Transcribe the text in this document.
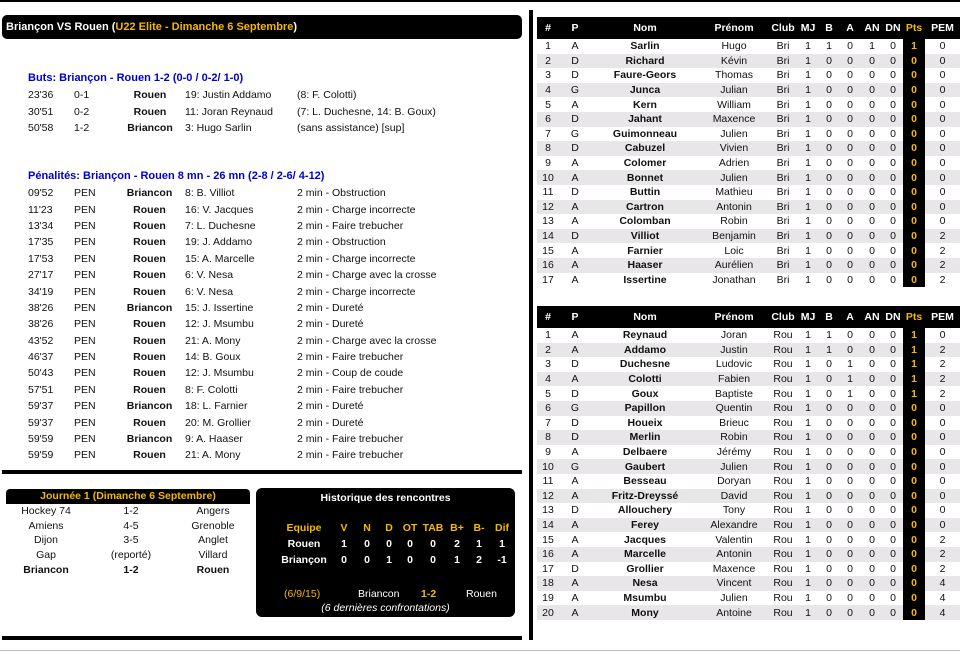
Briançon VS Rouen (U22 Elite - Dimanche 6 Septembre)
Buts: Briançon - Rouen 1-2 (0-0 / 0-2/ 1-0)
23'36	0-1	Rouen	19: Justin Addamo	(8: F. Colotti)
30'51	0-2	Rouen	11: Joran Reynaud	(7: L. Duchesne, 14: B. Goux)
50'58	1-2	Briancon	3: Hugo Sarlin	(sans assistance) [sup]
Pénalités: Briançon - Rouen 8 mn - 26 mn (2-8 / 2-6/ 4-12)
09'52	PEN	Briancon	8: B. Villiot	2 min - Obstruction
11'23	PEN	Rouen	16: V. Jacques	2 min - Charge incorrecte
13'34	PEN	Rouen	7: L. Duchesne	2 min - Faire trebucher
17'35	PEN	Rouen	19: J. Addamo	2 min - Obstruction
17'53	PEN	Rouen	15: A. Marcelle	2 min - Charge incorrecte
27'17	PEN	Rouen	6: V. Nesa	2 min - Charge avec la crosse
34'19	PEN	Rouen	6: V. Nesa	2 min - Charge incorrecte
38'26	PEN	Briancon	15: J. Issertine	2 min - Dureté
38'26	PEN	Rouen	12: J. Msumbu	2 min - Dureté
43'52	PEN	Rouen	21: A. Mony	2 min - Charge avec la crosse
46'37	PEN	Rouen	14: B. Goux	2 min - Faire trebucher
50'43	PEN	Rouen	12: J. Msumbu	2 min - Coup de coude
57'51	PEN	Rouen	8: F. Colotti	2 min - Faire trebucher
59'37	PEN	Briancon	18: L. Farnier	2 min - Dureté
59'37	PEN	Rouen	20: M. Grollier	2 min - Dureté
59'59	PEN	Briancon	9: A. Haaser	2 min - Faire trebucher
59'59	PEN	Rouen	21: A. Mony	2 min - Faire trebucher
Journée 1 (Dimanche 6 Septembre)
Hockey 74	1-2	Angers
Amiens	4-5	Grenoble
Dijon	3-5	Anglet
Gap	(reporté)	Villard
Briancon	1-2	Rouen
Historique des rencontres
Equipe	V	N	D	OT	TAB	B+	B-	Dif
Rouen	1	0	0	0	0	2	1	1
Briançon	0	0	1	0	0	1	2	-1
(6/9/15)	Briancon 1-2	Rouen
(6 dernières confrontations)
#	P	Nom	Prénom	Club	MJ	B	A	AN	DN	Pts	PEM
1	A	Sarlin	Hugo	Bri	1	1	0	1	0	1	0
2	D	Richard	Kévin	Bri	1	0	0	0	0	0	0
3	D	Faure-Geors	Thomas	Bri	1	0	0	0	0	0	0
4	G	Junca	Julian	Bri	1	0	0	0	0	0	0
5	A	Kern	William	Bri	1	0	0	0	0	0	0
6	D	Jahant	Maxence	Bri	1	0	0	0	0	0	0
7	G	Guimonneau	Julien	Bri	1	0	0	0	0	0	0
8	D	Cabuzel	Vivien	Bri	1	0	0	0	0	0	0
9	A	Colomer	Adrien	Bri	1	0	0	0	0	0	0
10	A	Bonnet	Julien	Bri	1	0	0	0	0	0	0
11	D	Buttin	Mathieu	Bri	1	0	0	0	0	0	0
12	A	Cartron	Antonin	Bri	1	0	0	0	0	0	0
13	A	Colomban	Robin	Bri	1	0	0	0	0	0	0
14	D	Villiot	Benjamin	Bri	1	0	0	0	0	0	2
15	A	Farnier	Loic	Bri	1	0	0	0	0	0	2
16	A	Haaser	Aurélien	Bri	1	0	0	0	0	0	2
17	A	Issertine	Jonathan	Bri	1	0	0	0	0	0	2
#	P	Nom	Prénom	Club	MJ	B	A	AN	DN	Pts	PEM
1	A	Reynaud	Joran	Rou	1	1	0	0	0	1	0
2	A	Addamo	Justin	Rou	1	1	0	0	0	1	2
3	D	Duchesne	Ludovic	Rou	1	0	1	0	0	1	2
4	A	Colotti	Fabien	Rou	1	0	1	0	0	1	2
5	D	Goux	Baptiste	Rou	1	0	1	0	0	1	2
6	G	Papillon	Quentin	Rou	1	0	0	0	0	0	0
7	D	Houeix	Brieuc	Rou	1	0	0	0	0	0	0
8	D	Merlin	Robin	Rou	1	0	0	0	0	0	0
9	A	Delbaere	Jérémy	Rou	1	0	0	0	0	0	0
10	G	Gaubert	Julien	Rou	1	0	0	0	0	0	0
11	A	Besseau	Doryan	Rou	1	0	0	0	0	0	0
12	A	Fritz-Dreyssé	David	Rou	1	0	0	0	0	0	0
13	D	Allouchery	Tony	Rou	1	0	0	0	0	0	0
14	A	Ferey	Alexandre	Rou	1	0	0	0	0	0	0
15	A	Jacques	Valentin	Rou	1	0	0	0	0	0	2
16	A	Marcelle	Antonin	Rou	1	0	0	0	0	0	2
17	D	Grollier	Maxence	Rou	1	0	0	0	0	0	2
18	A	Nesa	Vincent	Rou	1	0	0	0	0	0	4
19	A	Msumbu	Julien	Rou	1	0	0	0	0	0	4
20	A	Mony	Antoine	Rou	1	0	0	0	0	0	4
